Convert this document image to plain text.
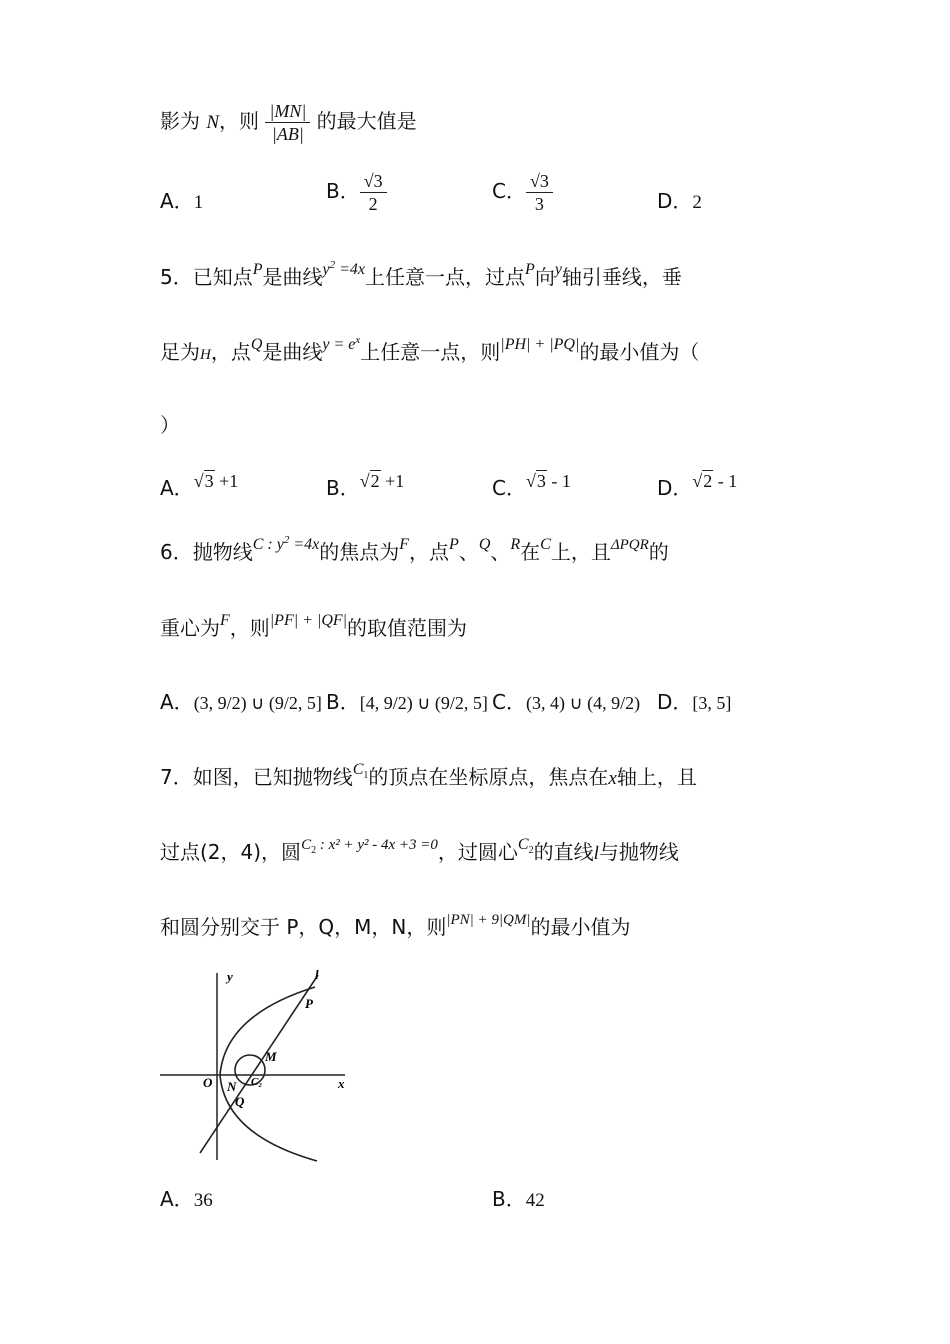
影为 N，则 $\frac{|MN|}{|AB|}$ 的最大值是
A．1	B． $\frac{√3}{2}$	C． $\frac{√3}{3}$	D．2
5．已知点$^P$是曲线$^{y^2 =4x}$上任意一点，过点$^P$向$^y$轴引垂线，垂
足为H，点$^Q$是曲线$^{y = e^x}$上任意一点，则$^{|PH| + |PQ|}$的最小值为（
）
A．√3 +1	B．√2 +1	C．√3 - 1	D．√2 - 1
6．抛物线$^{C : y^2 =4x}$的焦点为$^F$，点$^P$、$^Q$、$^R$在$^C$上，且$^{\Delta PQR}$的
重心为$^F$，则$^{|PF| + |QF|}$的取值范围为
A．(3, 9/2) ∪ (9/2, 5] B．[4, 9/2) ∪ (9/2, 5] C．(3, 4) ∪ (4, 9/2) D．[3, 5]
7．如图，已知抛物线$^{C_1}$的顶点在坐标原点，焦点在x轴上，且
过点(2，4)，圆$^{C_2 : x^2 + y^2 - 4x +3 =0}$，过圆心$^{C_2}$的直线l与抛物线
和圆分别交于 P，Q，M，N，则$^{|PN| + 9|QM|}$的最小值为
y
x
l
P
M
O N C₂
Q
A．36	B．42
